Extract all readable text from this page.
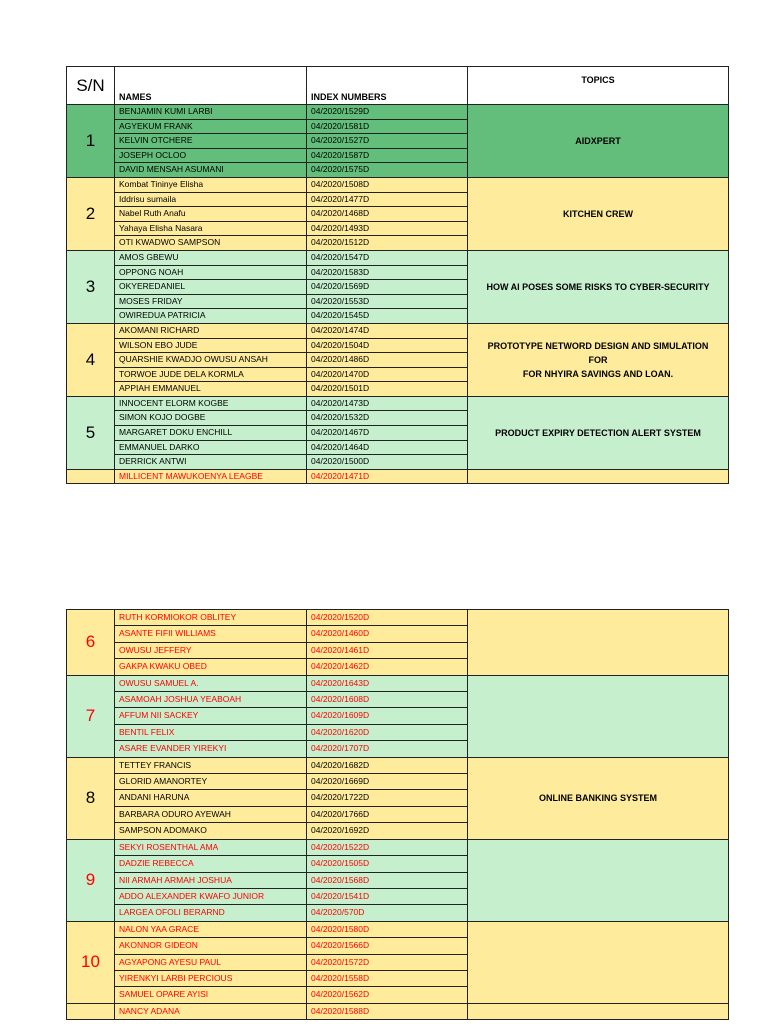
S/N	NAMES	INDEX NUMBERS	TOPICS
1	BENJAMIN KUMI LARBI	04/2020/1529D	AIDXPERT
	AGYEKUM FRANK	04/2020/1581D	
	KELVIN OTCHERE	04/2020/1527D	
	JOSEPH OCLOO	04/2020/1587D	
	DAVID MENSAH ASUMANI	04/2020/1575D	
2	Kombat Tininye Elisha	04/2020/1508D	KITCHEN CREW
	Iddrisu sumaila	04/2020/1477D	
	Nabel Ruth Anafu	04/2020/1468D	
	Yahaya Elisha Nasara	04/2020/1493D	
	OTI KWADWO SAMPSON	04/2020/1512D	
3	AMOS GBEWU	04/2020/1547D	HOW AI POSES SOME RISKS TO CYBER-SECURITY
	OPPONG NOAH	04/2020/1583D	
	OKYEREDANIEL	04/2020/1569D	
	MOSES FRIDAY	04/2020/1553D	
	OWIREDUA PATRICIA	04/2020/1545D	
4	AKOMANI RICHARD	04/2020/1474D	PROTOTYPE NETWORD DESIGN AND SIMULATION
FOR
FOR NHYIRA SAVINGS AND LOAN.
	WILSON EBO JUDE	04/2020/1504D	
	QUARSHIE KWADJO OWUSU ANSAH	04/2020/1486D	
	TORWOE JUDE DELA KORMLA	04/2020/1470D	
	APPIAH EMMANUEL	04/2020/1501D	
5	INNOCENT ELORM KOGBE	04/2020/1473D	PRODUCT EXPIRY DETECTION ALERT SYSTEM
	SIMON KOJO DOGBE	04/2020/1532D	
	MARGARET DOKU ENCHILL	04/2020/1467D	
	EMMANUEL DARKO	04/2020/1464D	
	DERRICK ANTWI	04/2020/1500D	
	MILLICENT MAWUKOENYA LEAGBE	04/2020/1471D	
6	RUTH KORMIOKOR OBLITEY	04/2020/1520D	
	ASANTE FIFII WILLIAMS	04/2020/1460D	
	OWUSU JEFFERY	04/2020/1461D	
	GAKPA KWAKU OBED	04/2020/1462D	
7	OWUSU SAMUEL A.	04/2020/1643D	
	ASAMOAH JOSHUA YEABOAH	04/2020/1608D	
	AFFUM NII SACKEY	04/2020/1609D	
	BENTIL FELIX	04/2020/1620D	
	ASARE EVANDER YIREKYI	04/2020/1707D	
8	TETTEY FRANCIS	04/2020/1682D	ONLINE BANKING SYSTEM
	GLORID AMANORTEY	04/2020/1669D	
	ANDANI HARUNA	04/2020/1722D	
	BARBARA ODURO AYEWAH	04/2020/1766D	
	SAMPSON ADOMAKO	04/2020/1692D	
9	SEKYI ROSENTHAL AMA	04/2020/1522D	
	DADZIE REBECCA	04/2020/1505D	
	NII ARMAH ARMAH JOSHUA	04/2020/1568D	
	ADDO ALEXANDER KWAFO JUNIOR	04/2020/1541D	
	LARGEA OFOLI BERARND	04/2020/570D	
10	NALON YAA GRACE	04/2020/1580D	
	AKONNOR GIDEON	04/2020/1566D	
	AGYAPONG AYESU PAUL	04/2020/1572D	
	YIRENKYI LARBI PERCIOUS	04/2020/1558D	
	SAMUEL OPARE AYISI	04/2020/1562D	
	NANCY ADANA	04/2020/1588D	
